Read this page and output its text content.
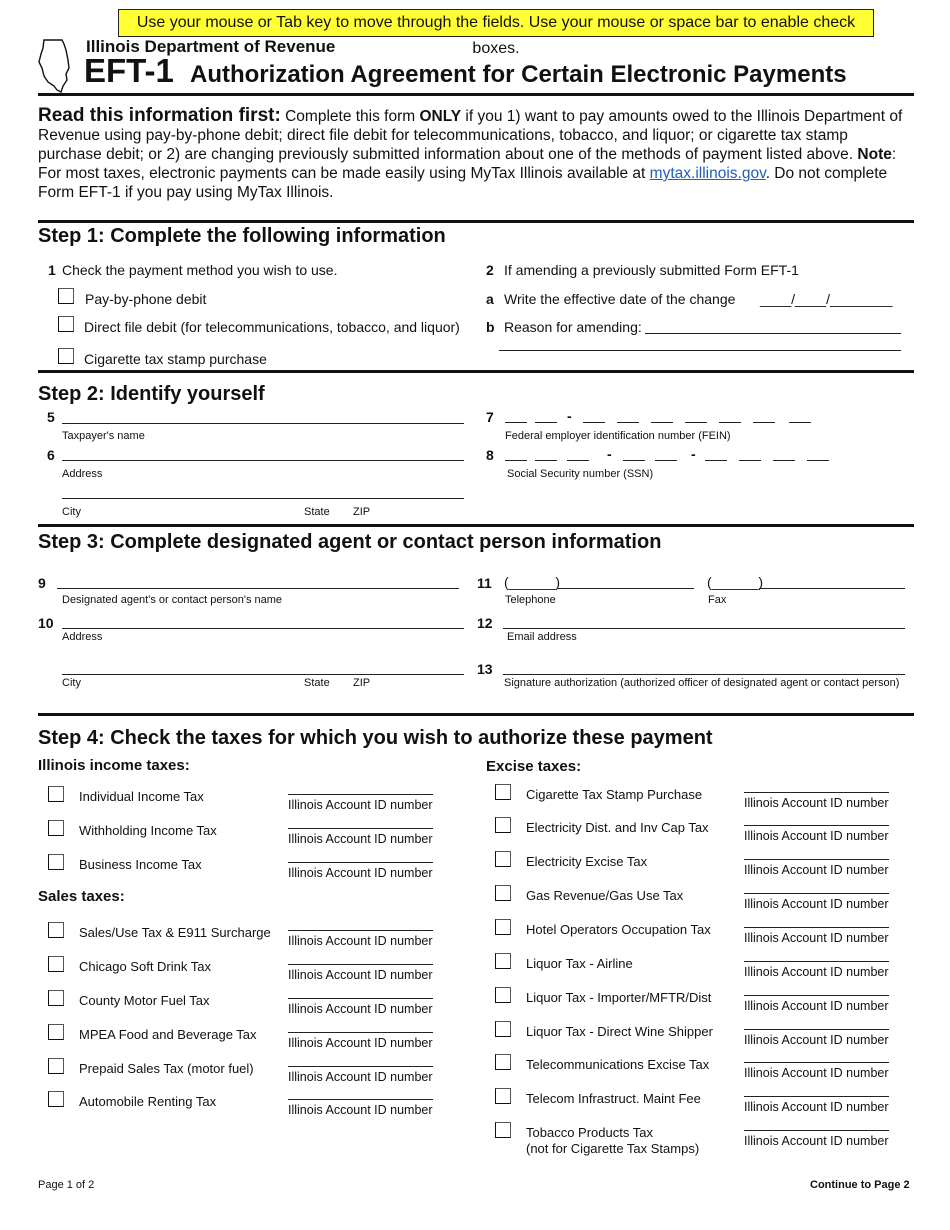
Use your mouse or Tab key to move through the fields. Use your mouse or space bar to enable check boxes.
Illinois Department of Revenue
EFT-1 Authorization Agreement for Certain Electronic Payments
Read this information first: Complete this form ONLY if you 1) want to pay amounts owed to the Illinois Department of Revenue using pay-by-phone debit; direct file debit for telecommunications, tobacco, and liquor; or cigarette tax stamp purchase debit; or 2) are changing previously submitted information about one of the methods of payment listed above. Note: For most taxes, electronic payments can be made easily using MyTax Illinois available at mytax.illinois.gov. Do not complete Form EFT-1 if you pay using MyTax Illinois.
Step 1: Complete the following information
1 Check the payment method you wish to use.
Pay-by-phone debit
Direct file debit (for telecommunications, tobacco, and liquor)
Cigarette tax stamp purchase
2 If amending a previously submitted Form EFT-1
a Write the effective date of the change ____/____/________
b Reason for amending:
Step 2: Identify yourself
5
Taxpayer's name
6
Address
City	State ZIP
7	-
Federal employer identification number (FEIN)
8	-	-
Social Security number (SSN)
Step 3: Complete designated agent or contact person information
9
Designated agent's or contact person's name
10
Address
City	State ZIP
11 (______)
Telephone
(______)
Fax
12
Email address
13
Signature authorization (authorized officer of designated agent or contact person)
Step 4: Check the taxes for which you wish to authorize these payment
Illinois income taxes:
Individual Income Tax
Illinois Account ID number
Withholding Income Tax
Illinois Account ID number
Business Income Tax
Illinois Account ID number
Sales taxes:
Sales/Use Tax & E911 Surcharge
Illinois Account ID number
Chicago Soft Drink Tax
Illinois Account ID number
County Motor Fuel Tax
Illinois Account ID number
MPEA Food and Beverage Tax
Illinois Account ID number
Prepaid Sales Tax (motor fuel)
Illinois Account ID number
Automobile Renting Tax
Illinois Account ID number
Excise taxes:
Cigarette Tax Stamp Purchase
Illinois Account ID number
Electricity Dist. and Inv Cap Tax
Illinois Account ID number
Electricity Excise Tax
Illinois Account ID number
Gas Revenue/Gas Use Tax
Illinois Account ID number
Hotel Operators Occupation Tax
Illinois Account ID number
Liquor Tax - Airline
Illinois Account ID number
Liquor Tax - Importer/MFTR/Dist
Illinois Account ID number
Liquor Tax - Direct Wine Shipper
Illinois Account ID number
Telecommunications Excise Tax
Illinois Account ID number
Telecom Infrastruct. Maint Fee
Illinois Account ID number
Tobacco Products Tax
Illinois Account ID number
(not for Cigarette Tax Stamps)
Page 1 of 2	Continue to Page 2
